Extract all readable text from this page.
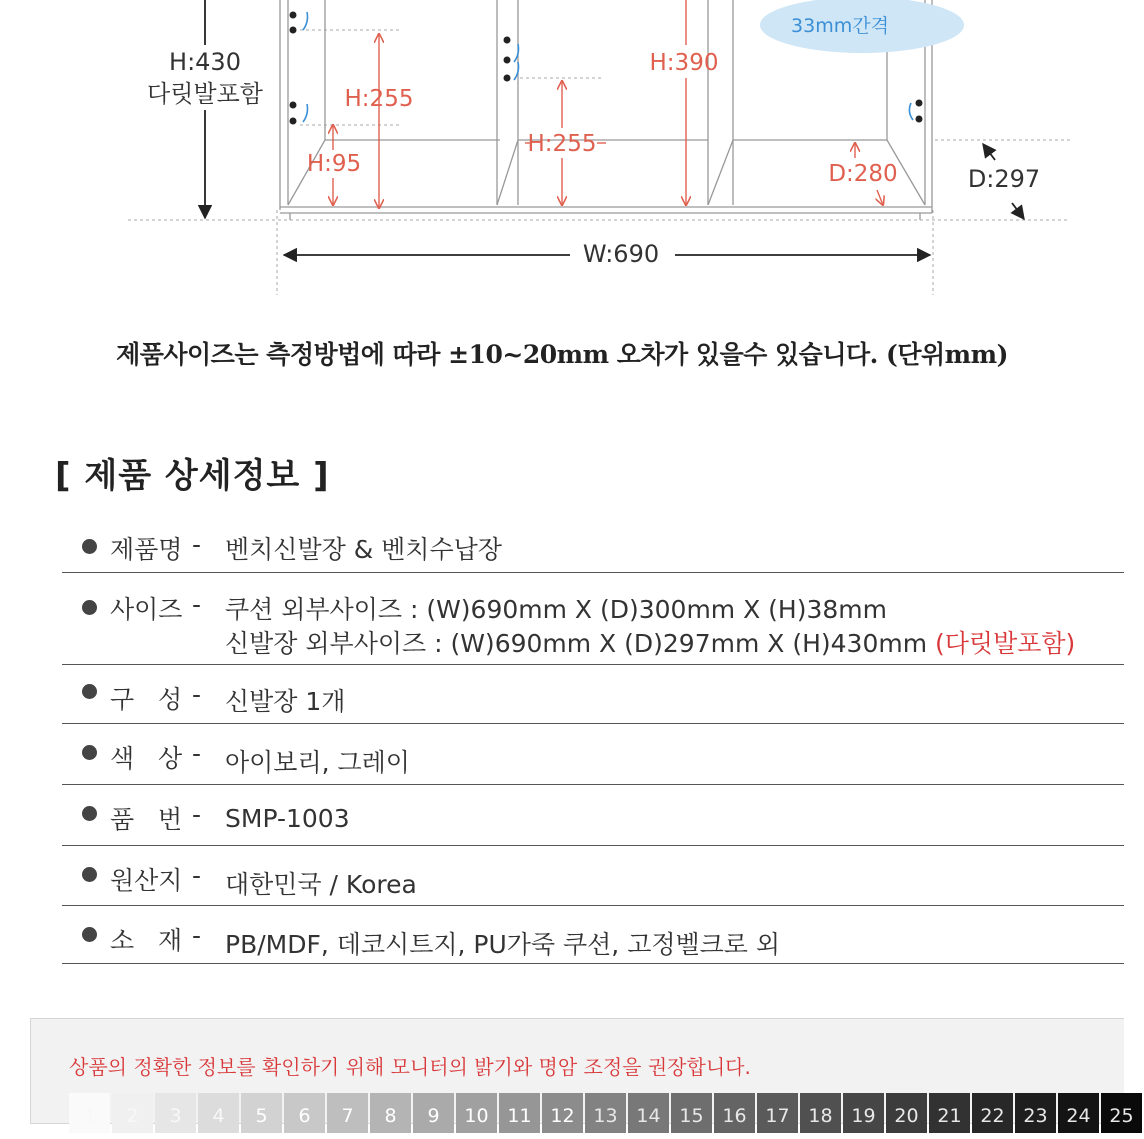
H:430
다릿발포함	H:255
H:95
H:255
H:390
33mm간격
D:280	D:297
W:690
제품사이즈는 측정방법에 따라 ±10~20mm 오차가 있을수 있습니다. (단위mm)
[ 제품 상세정보 ]
제품명 - 벤치신발장 & 벤치수납장
사이즈 - 쿠션 외부사이즈 : (W)690mm X (D)300mm X (H)38mm
신발장 외부사이즈 : (W)690mm X (D)297mm X (H)430mm (다릿발포함)
구   성 - 신발장 1개
색   상 - 아이보리, 그레이
품   번 - SMP-1003
원산지 - 대한민국 / Korea
소   재 - PB/MDF, 데코시트지, PU가죽 쿠션, 고정벨크로 외
상품의 정확한 정보를 확인하기 위해 모니터의 밝기와 명암 조정을 권장합니다.
1	2	3	4	5	6	7	8	9	10 11 12 13 14 15 16 17 18 19 20 21 22 23 24 25
